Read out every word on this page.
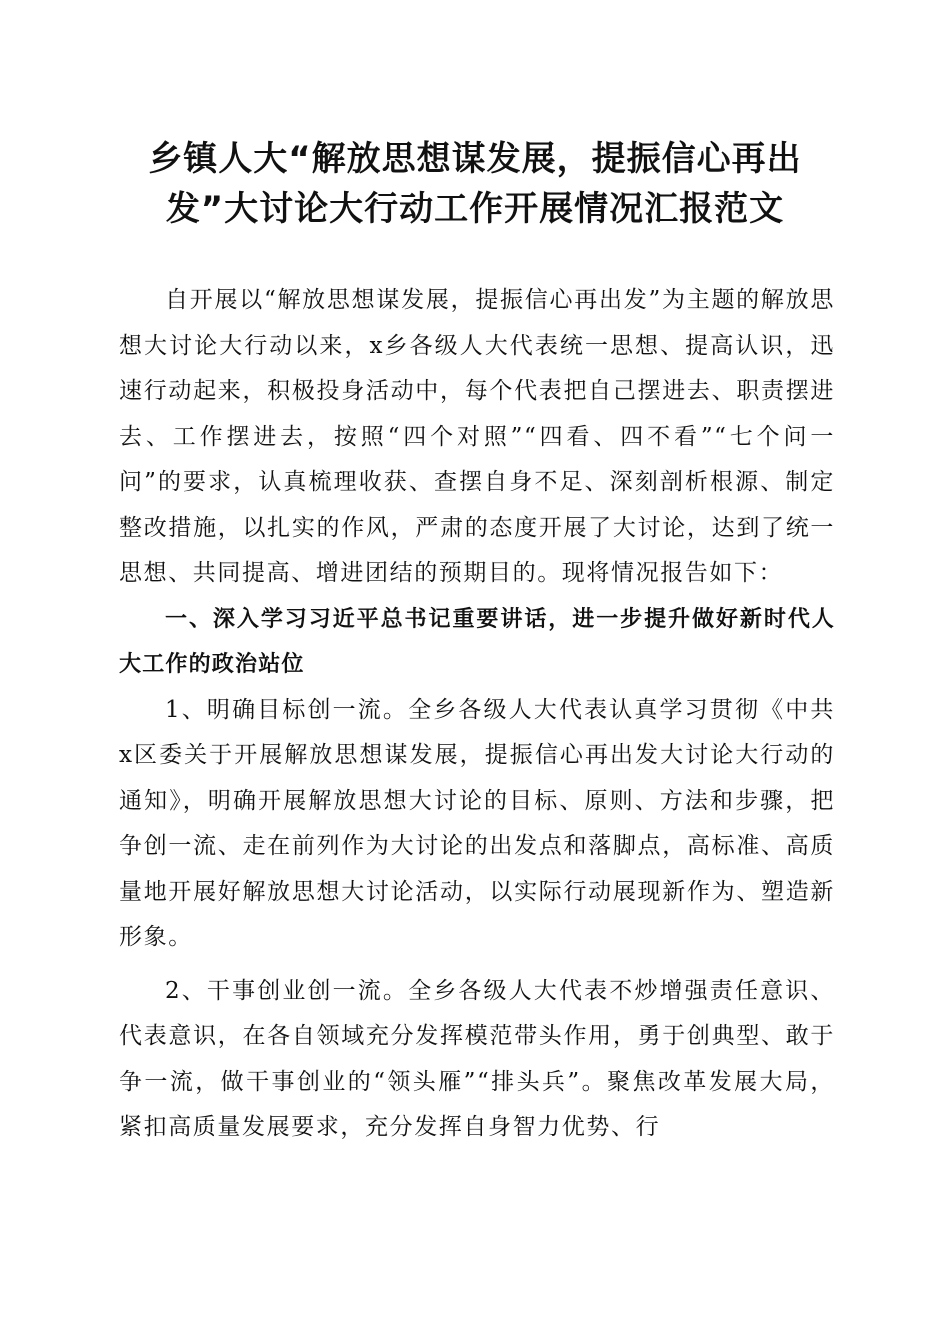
乡镇人大“解放思想谋发展，提振信心再出
发”大讨论大行动工作开展情况汇报范文

自开展以“解放思想谋发展，提振信心再出发”为主题的解放思想大讨论大行动以来，x乡各级人大代表统一思想、提高认识，迅速行动起来，积极投身活动中，每个代表把自己摆进去、职责摆进去、工作摆进去，按照“四个对照”“四看、四不看”“七个问一问”的要求，认真梳理收获、查摆自身不足、深刻剖析根源、制定整改措施，以扎实的作风，严肃的态度开展了大讨论，达到了统一思想、共同提高、增进团结的预期目的。现将情况报告如下：

一、深入学习习近平总书记重要讲话，进一步提升做好新时代人大工作的政治站位

1、明确目标创一流。全乡各级人大代表认真学习贯彻《中共x区委关于开展解放思想谋发展，提振信心再出发大讨论大行动的通知》，明确开展解放思想大讨论的目标、原则、方法和步骤，把争创一流、走在前列作为大讨论的出发点和落脚点，高标准、高质量地开展好解放思想大讨论活动，以实际行动展现新作为、塑造新形象。

2、干事创业创一流。全乡各级人大代表不炒增强责任意识、代表意识，在各自领域充分发挥模范带头作用，勇于创典型、敢于争一流，做干事创业的“领头雁”“排头兵”。聚焦改革发展大局，紧扣高质量发展要求，充分发挥自身智力优势、行
